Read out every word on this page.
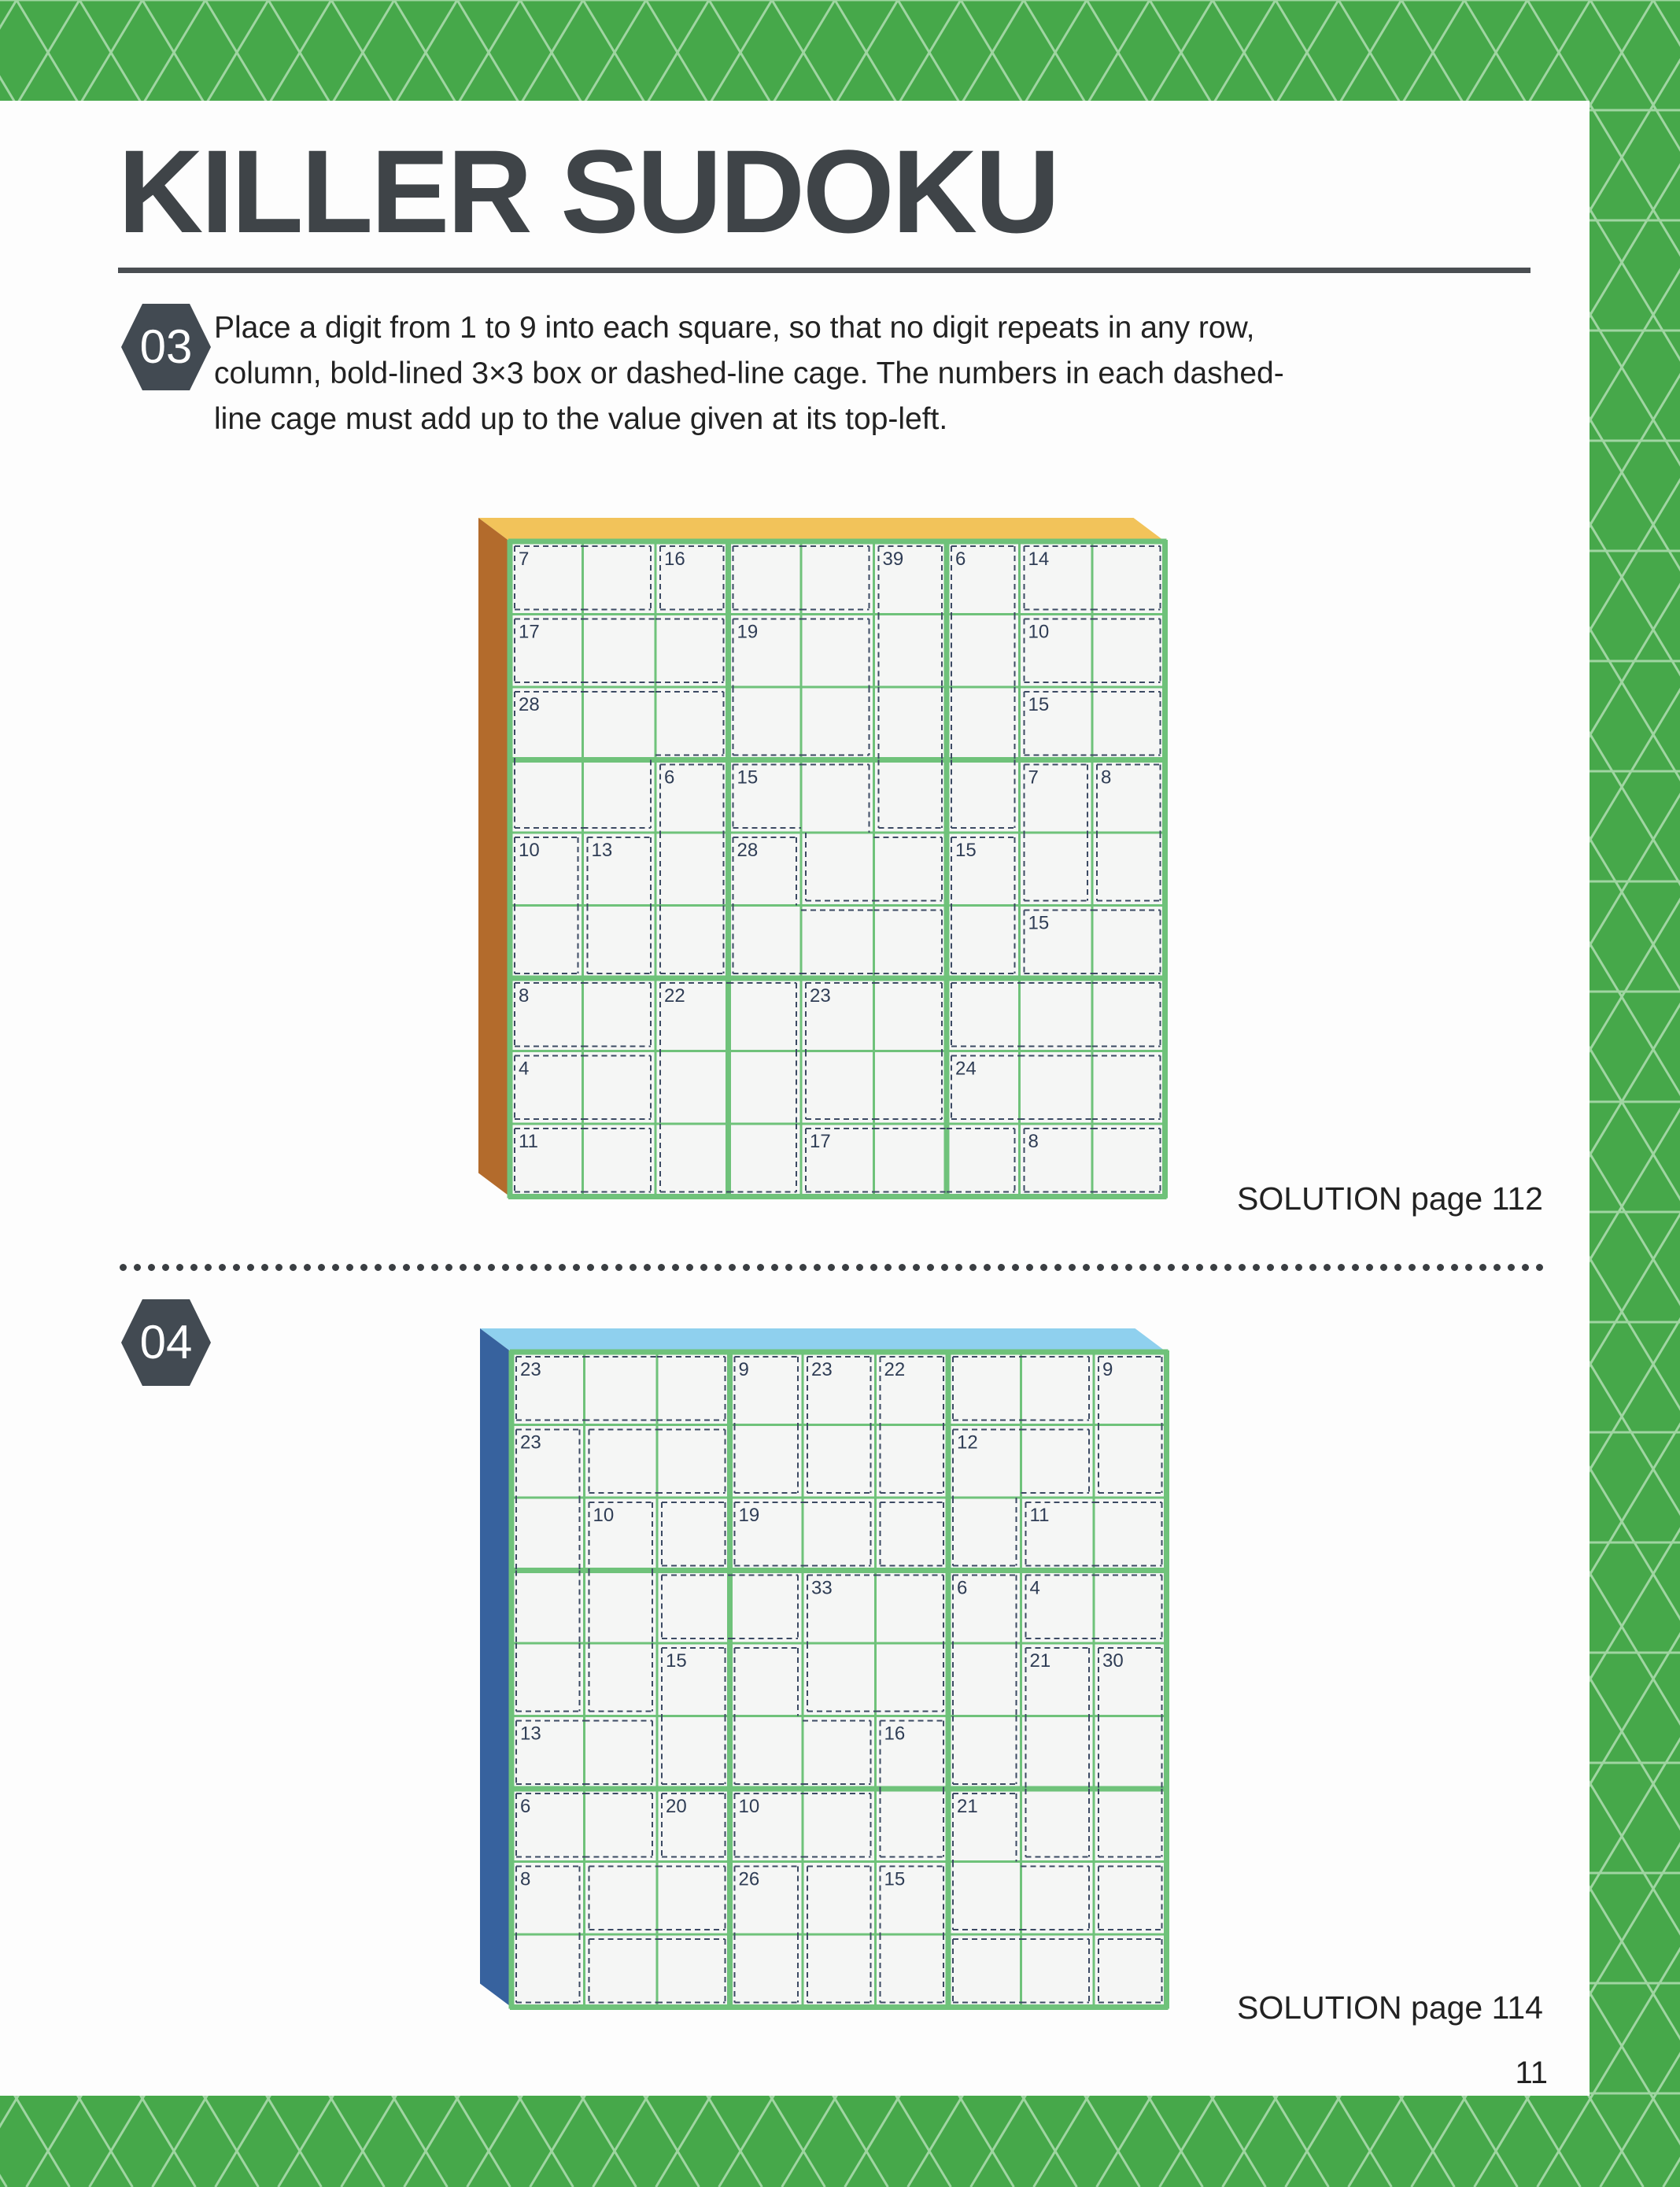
KILLER SUDOKU
03 Place a digit from 1 to 9 into each square, so that no digit repeats in any row, column, bold-lined 3×3 box or dashed-line cage. The numbers in each dashed-line cage must add up to the value given at its top-left.

7	16	39	6	14
17	19	10
28	15
6	15	7	8
10	13	28	15
15
8	22	23
4	24
11	17	8
SOLUTION page 112
04
23	9	23	22	9
23	12
10	19	11
33	6	4
15	21	30
13	16
6	20	10	21
8	26	15
SOLUTION page 114
11
